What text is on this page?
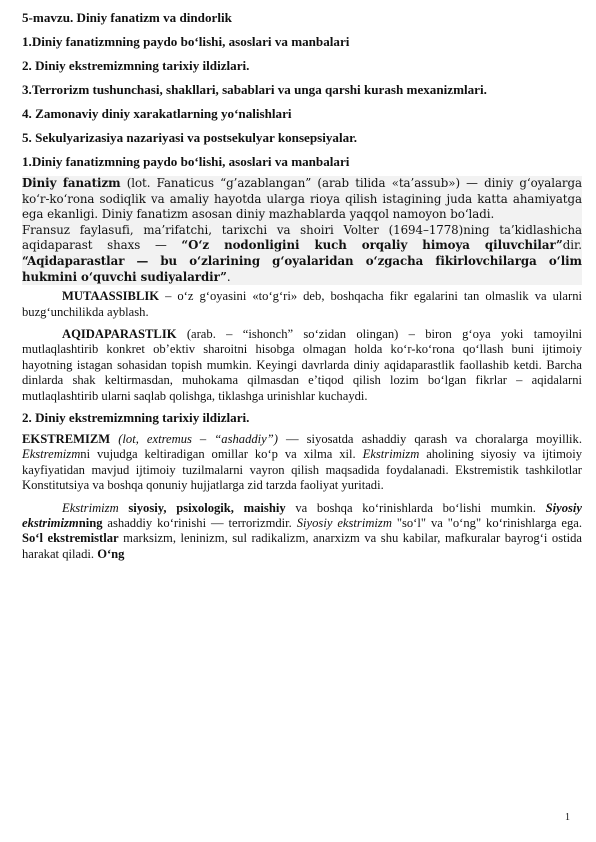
5-mavzu. Diniy fanatizm va dindorlik

1.Diniy fanatizmning paydo bo‘lishi, asoslari va manbalari

2. Diniy ekstremizmning tarixiy ildizlari.

3.Terrorizm tushunchasi, shakllari, sabablari va unga qarshi kurash mexanizmlari.

4. Zamonaviy diniy xarakatlarning yo‘nalishlari

5. Sekulyarizasiya nazariyasi va postsekulyar konsepsiyalar.

1.Diniy fanatizmning paydo bo‘lishi, asoslari va manbalari

Diniy fanatizm (lot. Fanaticus “g’azablangan” (arab tilida «ta’assub») — diniy g‘oyalarga ko‘r-ko‘rona sodiqlik va amaliy hayotda ularga rioya qilish istagining juda katta ahamiyatga ega ekanligi. Diniy fanatizm asosan diniy mazhablarda yaqqol namoyon bo‘ladi.

Fransuz faylasufi, ma’rifatchi, tarixchi va shoiri Volter (1694–1778)ning ta’kidlashicha aqidaparast shaxs — “O‘z nodonligini kuch orqaliy himoya qiluvchilar”dir. “Aqidaparastlar — bu o‘zlarining g‘oyalaridan o‘zgacha fikirlovchilarga o‘lim hukmini o‘quvchi sudiyalardir”.

MUTAASSIBLIK – o‘z g‘oyasini «to‘g‘ri» deb, boshqacha fikr egalarini tan olmaslik va ularni buzg‘unchilikda ayblash.

AQIDAPARASTLIK (arab. – “ishonch” so‘zidan olingan) – biron g‘oya yoki tamoyilni mutlaqlashtirib konkret ob’ektiv sharoitni hisobga olmagan holda ko‘r-ko‘rona qo‘llash buni ijtimoiy hayotning istagan sohasidan topish mumkin. Keyingi davrlarda diniy aqidaparastlik faollashib ketdi. Barcha dinlarda shak keltirmasdan, muhokama qilmasdan e’tiqod qilish lozim bo‘lgan fikrlar – aqidalarni mutlaqlashtirib ularni saqlab qolishga, tiklashga urinishlar kuchaydi.

2. Diniy ekstremizmning tarixiy ildizlari.

EKSTREMIZM (lot, extremus – “ashaddiy”) — siyosatda ashaddiy qarash va choralarga moyillik. Ekstremizmni vujudga keltiradigan omillar ko‘p va xilma xil. Ekstrimizm aholining siyosiy va ijtimoiy kayfiyatidan mavjud ijtimoiy tuzilmalarni vayron qilish maqsadida foydalanadi. Ekstremistik tashkilotlar Konstitutsiya va boshqa qonuniy hujjatlarga zid tarzda faoliyat yuritadi.

Ekstrimizm siyosiy, psixologik, maishiy va boshqa ko‘rinishlarda bo‘lishi mumkin. Siyosiy ekstrimizmning ashaddiy ko‘rinishi — terrorizmdir. Siyosiy ekstrimizm "so‘l" va "o‘ng" ko‘rinishlarga ega. So‘l ekstremistlar marksizm, leninizm, sul radikalizm, anarxizm va shu kabilar, mafkuralar bayrog‘i ostida harakat qiladi. O‘ng

1
